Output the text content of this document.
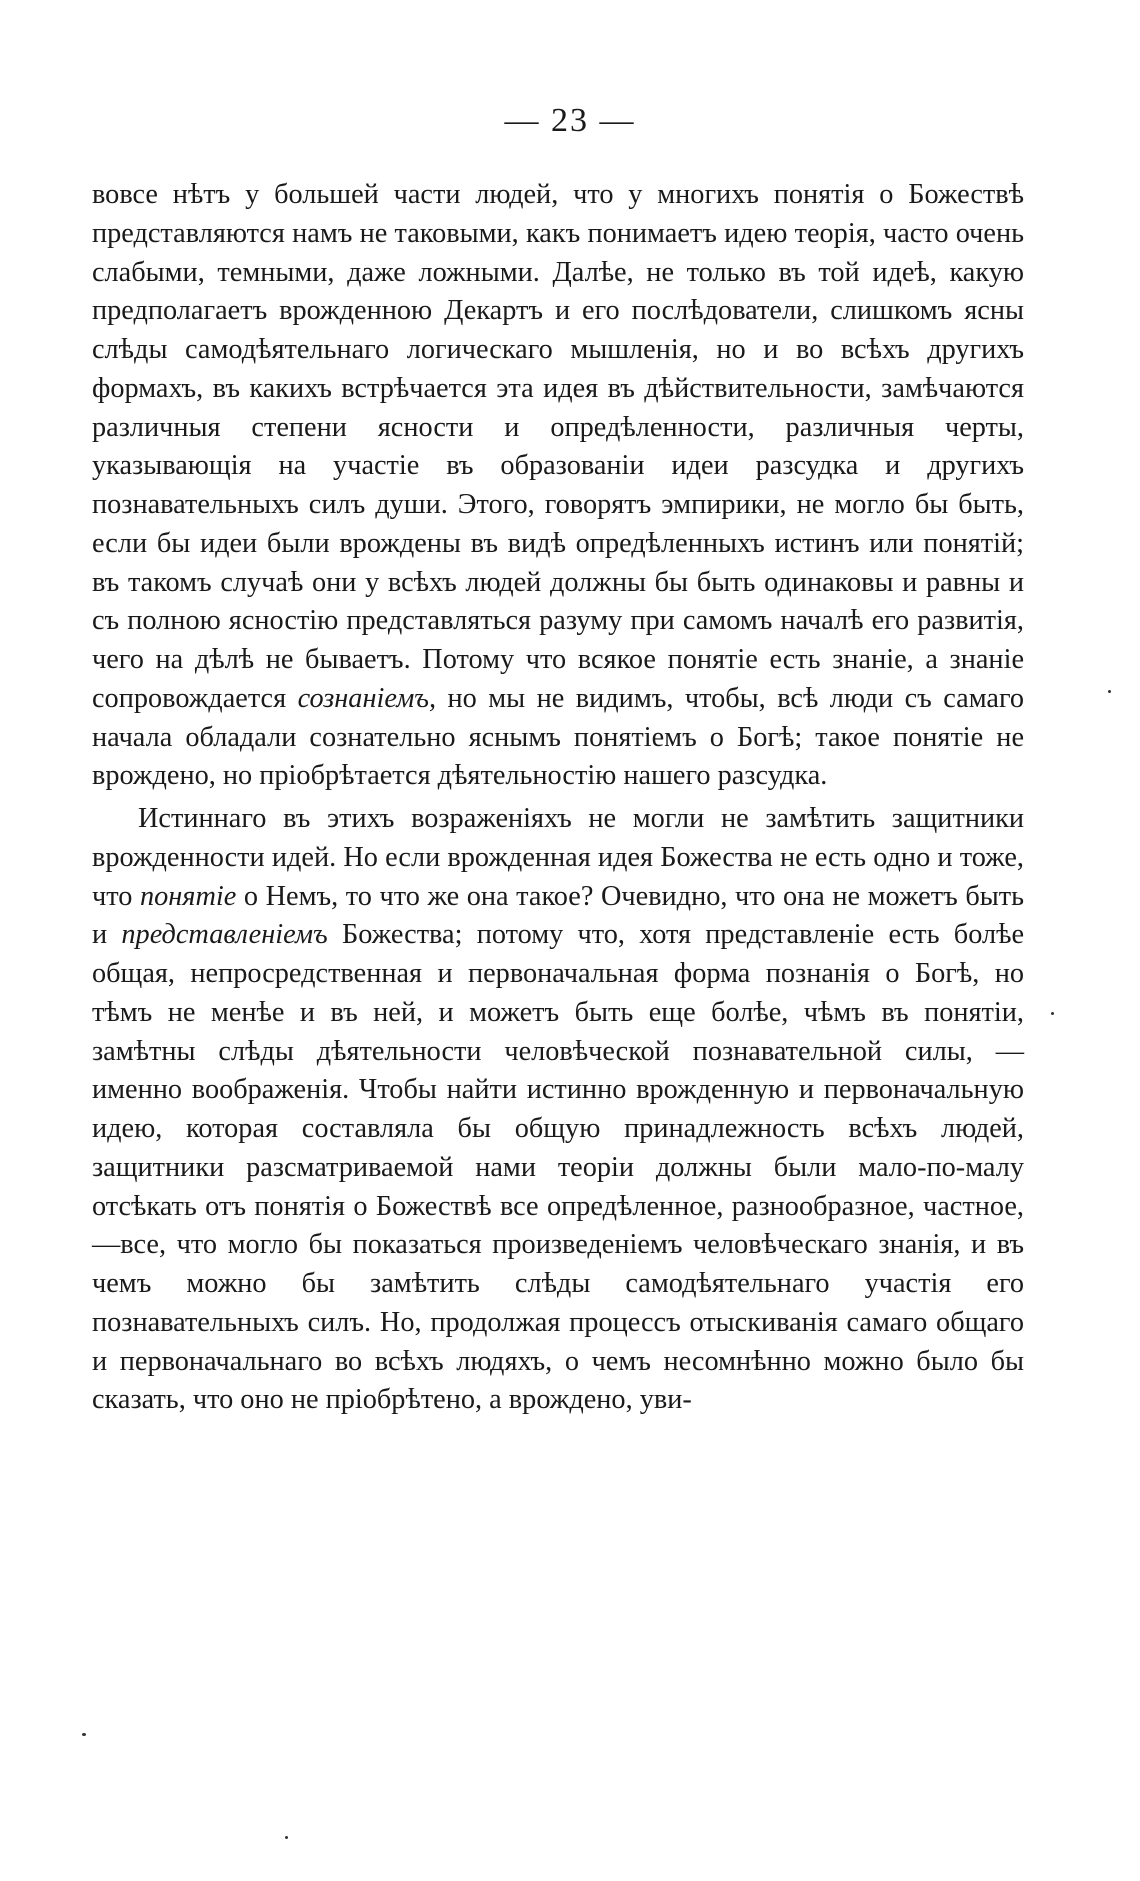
— 23 —

вовсе нѣтъ у большей части людей, что у многихъ понятія о Божествѣ представляются намъ не таковыми, какъ понимаетъ идею теорія, часто очень слабыми, темными, даже ложными. Далѣе, не только въ той идеѣ, какую предполагаетъ врожденною Декартъ и его послѣдователи, слишкомъ ясны слѣды самодѣятельнаго логическаго мышленія, но и во всѣхъ другихъ формахъ, въ какихъ встрѣчается эта идея въ дѣйствительности, замѣчаются различныя степени ясности и опредѣленности, различныя черты, указывающія на участіе въ образованіи идеи разсудка и другихъ познавательныхъ силъ души. Этого, говорятъ эмпирики, не могло бы быть, если бы идеи были врождены въ видѣ опредѣленныхъ истинъ или понятій; въ такомъ случаѣ они у всѣхъ людей должны бы быть одинаковы и равны и съ полною ясностію представляться разуму при самомъ началѣ его развитія, чего на дѣлѣ не бываетъ. Потому что всякое понятіе есть знаніе, а знаніе сопровождается сознаніемъ, но мы не видимъ, чтобы, всѣ люди съ самаго начала обладали сознательно яснымъ понятіемъ о Богѣ; такое понятіе не врождено, но пріобрѣтается дѣятельностію нашего разсудка.

Истиннаго въ этихъ возраженіяхъ не могли не замѣтить защитники врожденности идей. Но если врожденная идея Божества не есть одно и тоже, что понятіе о Немъ, то что же она такое? Очевидно, что она не можетъ быть и представленіемъ Божества; потому что, хотя представленіе есть болѣе общая, непросредственная и первоначальная форма познанія о Богѣ, но тѣмъ не менѣе и въ ней, и можетъ быть еще болѣе, чѣмъ въ понятіи, замѣтны слѣды дѣятельности человѣческой познавательной силы, — именно воображенія. Чтобы найти истинно врожденную и первоначальную идею, которая составляла бы общую принадлежность всѣхъ людей, защитники разсматриваемой нами теоріи должны были мало-по-малу отсѣкать отъ понятія о Божествѣ все опредѣленное, разнообразное, частное,—все, что могло бы показаться произведеніемъ человѣческаго знанія, и въ чемъ можно бы замѣтить слѣды самодѣятельнаго участія его познавательныхъ силъ. Но, продолжая процессъ отыскиванія самаго общаго и первоначальнаго во всѣхъ людяхъ, о чемъ несомнѣнно можно было бы сказать, что оно не пріобрѣтено, а врождено, уви-
